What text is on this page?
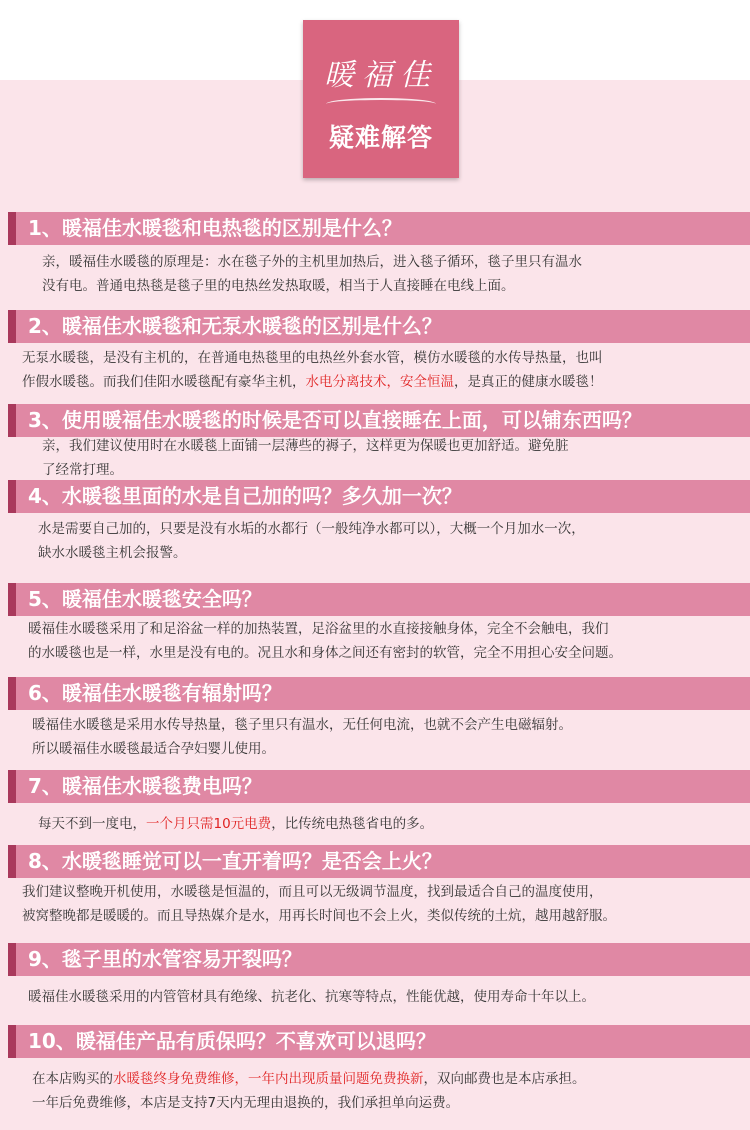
暖福佳
疑难解答
1、暖福佳水暖毯和电热毯的区别是什么？
亲，暖福佳水暖毯的原理是：水在毯子外的主机里加热后，进入毯子循环，毯子里只有温水
没有电。普通电热毯是毯子里的电热丝发热取暖，相当于人直接睡在电线上面。
2、暖福佳水暖毯和无泵水暖毯的区别是什么？
无泵水暖毯，是没有主机的，在普通电热毯里的电热丝外套水管，模仿水暖毯的水传导热量，也叫
作假水暖毯。而我们佳阳水暖毯配有豪华主机，水电分离技术，安全恒温，是真正的健康水暖毯！
3、使用暖福佳水暖毯的时候是否可以直接睡在上面，可以铺东西吗？
亲，我们建议使用时在水暖毯上面铺一层薄些的褥子，这样更为保暖也更加舒适。避免脏
了经常打理。
4、水暖毯里面的水是自己加的吗？多久加一次？
水是需要自己加的，只要是没有水垢的水都行（一般纯净水都可以），大概一个月加水一次，
缺水水暖毯主机会报警。
5、暖福佳水暖毯安全吗？
暖福佳水暖毯采用了和足浴盆一样的加热装置，足浴盆里的水直接接触身体，完全不会触电，我们
的水暖毯也是一样，水里是没有电的。况且水和身体之间还有密封的软管，完全不用担心安全问题。
6、暖福佳水暖毯有辐射吗？
暖福佳水暖毯是采用水传导热量，毯子里只有温水，无任何电流，也就不会产生电磁辐射。
所以暖福佳水暖毯最适合孕妇婴儿使用。
7、暖福佳水暖毯费电吗？
每天不到一度电，一个月只需10元电费，比传统电热毯省电的多。
8、水暖毯睡觉可以一直开着吗？是否会上火？
我们建议整晚开机使用，水暖毯是恒温的，而且可以无级调节温度，找到最适合自己的温度使用，
被窝整晚都是暖暖的。而且导热媒介是水，用再长时间也不会上火，类似传统的土炕，越用越舒服。
9、毯子里的水管容易开裂吗？
暖福佳水暖毯采用的内管管材具有绝缘、抗老化、抗寒等特点，性能优越，使用寿命十年以上。
10、暖福佳产品有质保吗？不喜欢可以退吗？
在本店购买的水暖毯终身免费维修，一年内出现质量问题免费换新，双向邮费也是本店承担。
一年后免费维修，本店是支持7天内无理由退换的，我们承担单向运费。
